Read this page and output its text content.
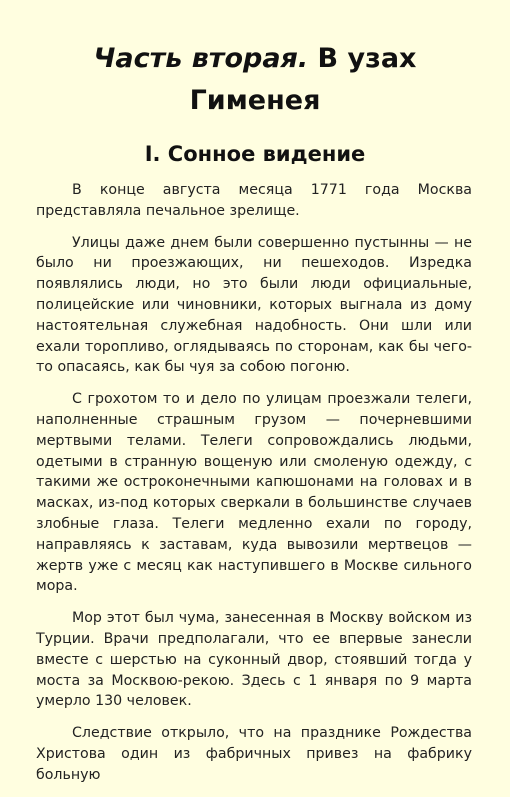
Часть вторая. В узах Гименея
I. Сонное видение

В конце августа месяца 1771 года Москва представляла печальное зрелище.

Улицы даже днем были совершенно пустынны — не было ни проезжающих, ни пешеходов. Изредка появлялись люди, но это были люди официальные, полицейские или чиновники, которых выгнала из дому настоятельная служебная надобность. Они шли или ехали торопливо, оглядываясь по сторонам, как бы чего-то опасаясь, как бы чуя за собою погоню.

С грохотом то и дело по улицам проезжали телеги, наполненные страшным грузом — почерневшими мертвыми телами. Телеги сопровождались людьми, одетыми в странную вощеную или смоленую одежду, с такими же остроконечными капюшонами на головах и в масках, из-под которых сверкали в большинстве случаев злобные глаза. Телеги медленно ехали по городу, направляясь к заставам, куда вывозили мертвецов — жертв уже с месяц как наступившего в Москве сильного мора.

Мор этот был чума, занесенная в Москву войском из Турции. Врачи предполагали, что ее впервые занесли вместе с шерстью на суконный двор, стоявший тогда у моста за Москвою-рекою. Здесь с 1 января по 9 марта умерло 130 человек.

Следствие открыло, что на празднике Рождества Христова один из фабричных привез на фабрику больную
